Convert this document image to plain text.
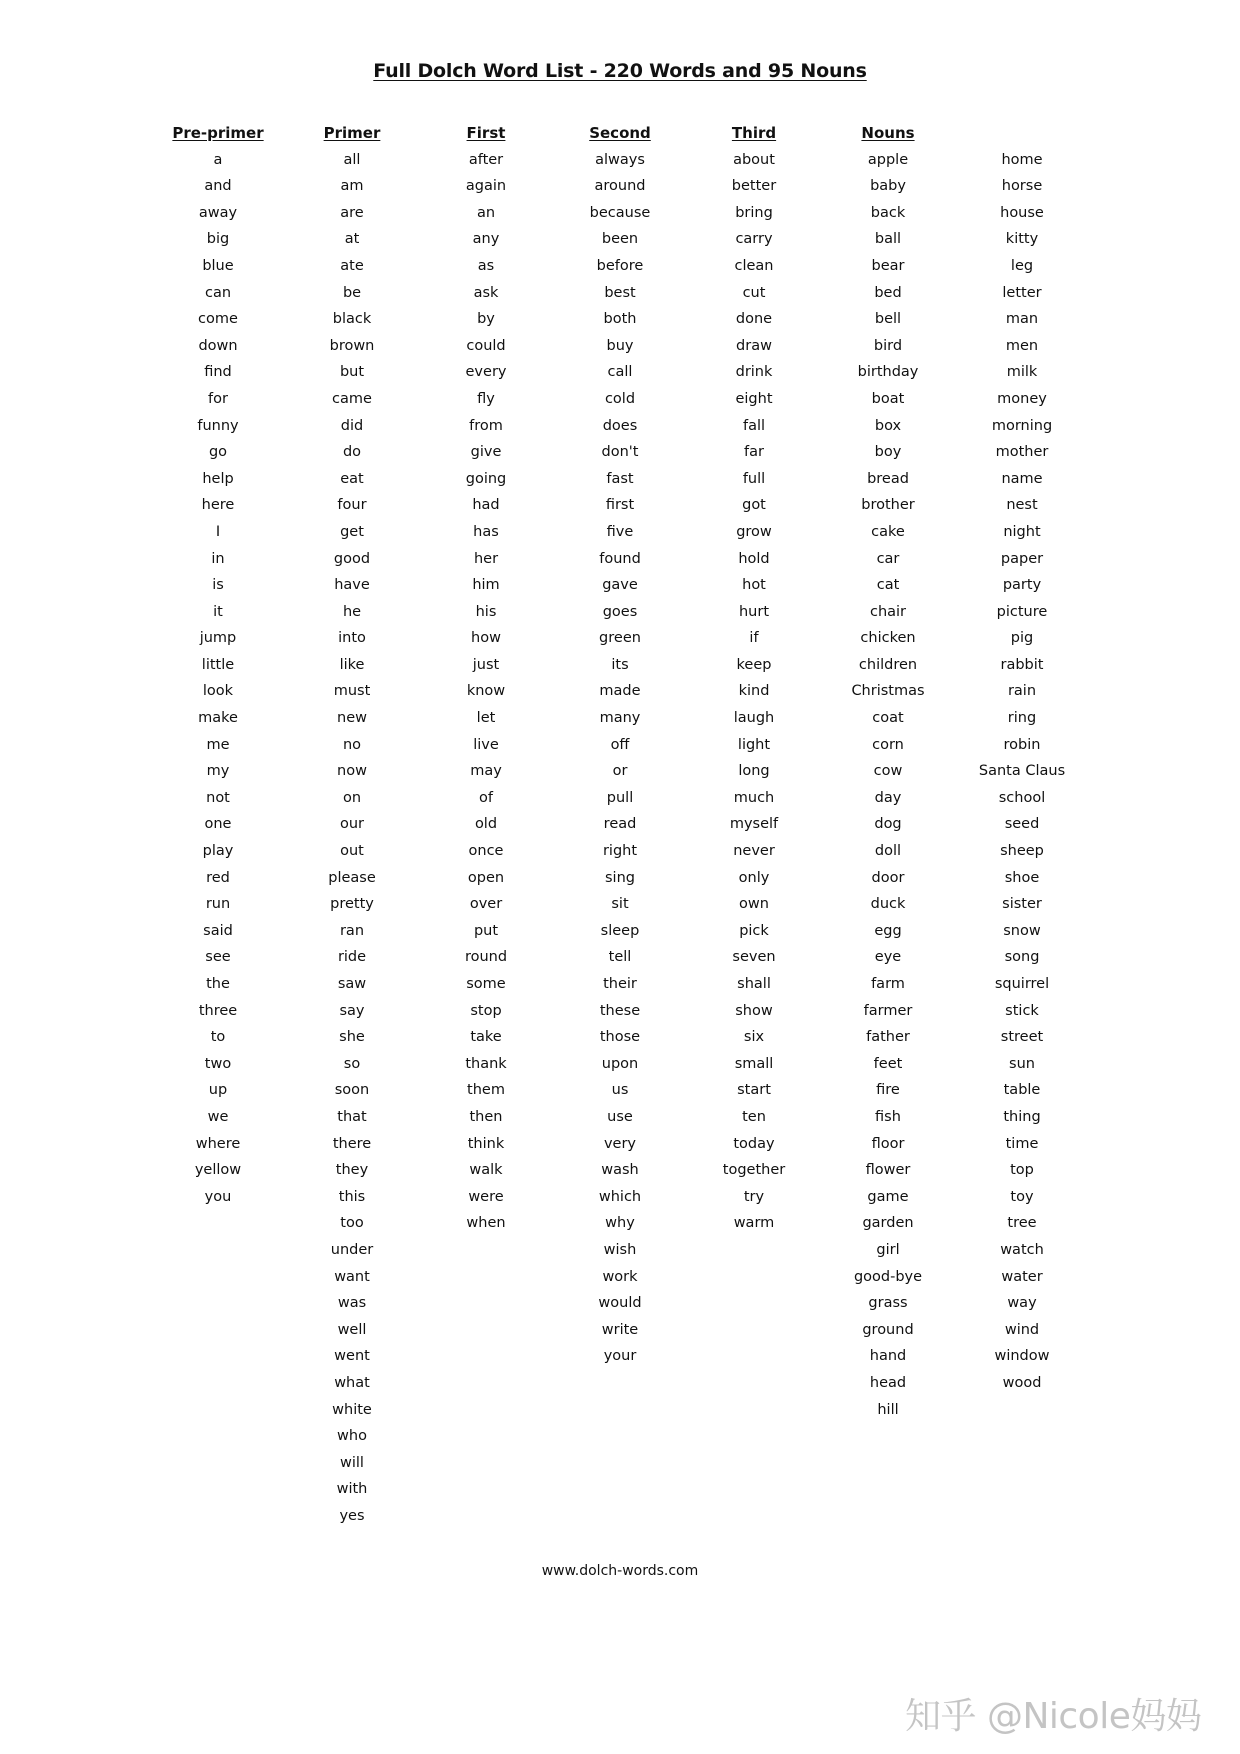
Full Dolch Word List - 220 Words and 95 Nouns
Pre-primer
a
and
away
big
blue
can
come
down
find
for
funny
go
help
here
I
in
is
it
jump
little
look
make
me
my
not
one
play
red
run
said
see
the
three
to
two
up
we
where
yellow
you
Primer
all
am
are
at
ate
be
black
brown
but
came
did
do
eat
four
get
good
have
he
into
like
must
new
no
now
on
our
out
please
pretty
ran
ride
saw
say
she
so
soon
that
there
they
this
too
under
want
was
well
went
what
white
who
will
with
yes
First
after
again
an
any
as
ask
by
could
every
fly
from
give
going
had
has
her
him
his
how
just
know
let
live
may
of
old
once
open
over
put
round
some
stop
take
thank
them
then
think
walk
were
when
Second
always
around
because
been
before
best
both
buy
call
cold
does
don't
fast
first
five
found
gave
goes
green
its
made
many
off
or
pull
read
right
sing
sit
sleep
tell
their
these
those
upon
us
use
very
wash
which
why
wish
work
would
write
your
Third
about
better
bring
carry
clean
cut
done
draw
drink
eight
fall
far
full
got
grow
hold
hot
hurt
if
keep
kind
laugh
light
long
much
myself
never
only
own
pick
seven
shall
show
six
small
start
ten
today
together
try
warm
Nouns
apple
baby
back
ball
bear
bed
bell
bird
birthday
boat
box
boy
bread
brother
cake
car
cat
chair
chicken
children
Christmas
coat
corn
cow
day
dog
doll
door
duck
egg
eye
farm
farmer
father
feet
fire
fish
floor
flower
game
garden
girl
good-bye
grass
ground
hand
head
hill
home
horse
house
kitty
leg
letter
man
men
milk
money
morning
mother
name
nest
night
paper
party
picture
pig
rabbit
rain
ring
robin
Santa Claus
school
seed
sheep
shoe
sister
snow
song
squirrel
stick
street
sun
table
thing
time
top
toy
tree
watch
water
way
wind
window
wood
www.dolch-words.com
知乎 @Nicole妈妈
